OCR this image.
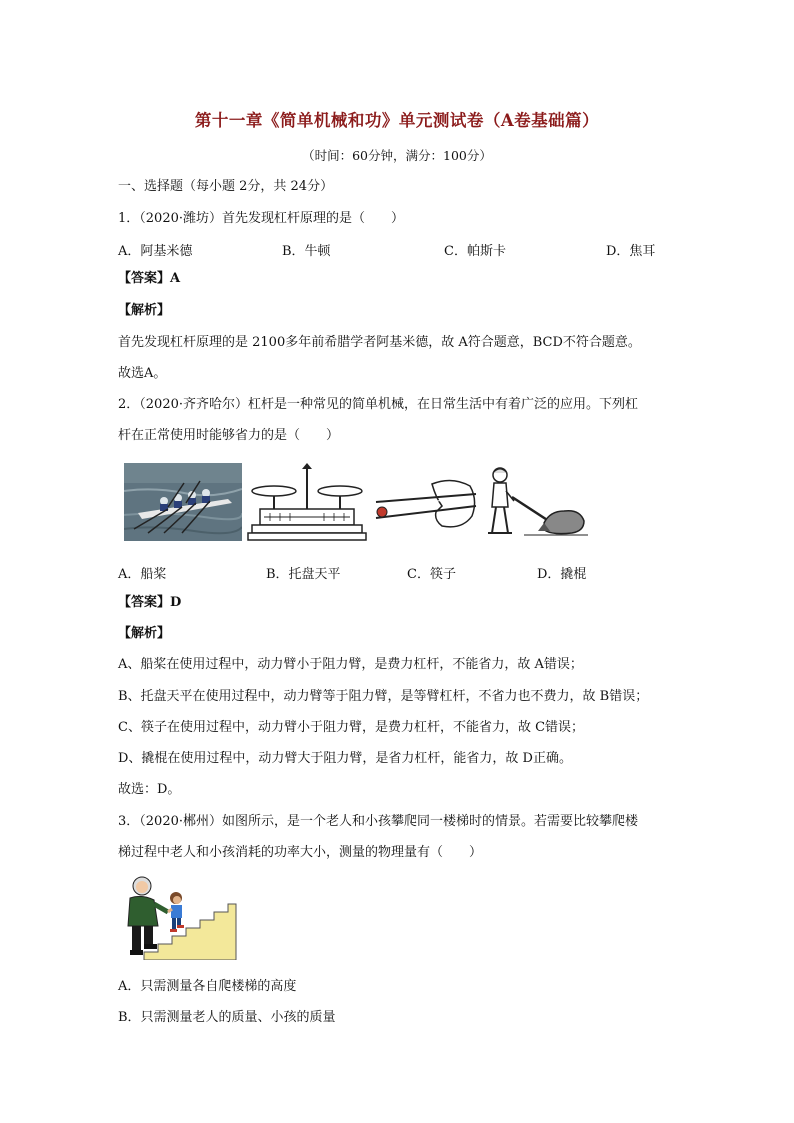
第十一章《简单机械和功》单元测试卷（A卷基础篇）
（时间：60分钟，满分：100分）
一、选择题（每小题 2分，共 24分）
1．（2020·潍坊）首先发现杠杆原理的是（　　）
A．阿基米德	B．牛顿	C．帕斯卡	D．焦耳
【答案】A
【解析】
首先发现杠杆原理的是 2100多年前希腊学者阿基米德，故 A符合题意，BCD不符合题意。
故选A。
2．（2020·齐齐哈尔）杠杆是一种常见的简单机械，在日常生活中有着广泛的应用。下列杠
杆在正常使用时能够省力的是（　　）
A．船桨	B．托盘天平	C．筷子	D．撬棍
【答案】D
【解析】
A、船桨在使用过程中，动力臂小于阻力臂，是费力杠杆，不能省力，故 A错误；
B、托盘天平在使用过程中，动力臂等于阻力臂，是等臂杠杆，不省力也不费力，故 B错误；
C、筷子在使用过程中，动力臂小于阻力臂，是费力杠杆，不能省力，故 C错误；
D、撬棍在使用过程中，动力臂大于阻力臂，是省力杠杆，能省力，故 D正确。
故选：D。
3．（2020·郴州）如图所示，是一个老人和小孩攀爬同一楼梯时的情景。若需要比较攀爬楼
梯过程中老人和小孩消耗的功率大小，测量的物理量有（　　）
A．只需测量各自爬楼梯的高度
B．只需测量老人的质量、小孩的质量
